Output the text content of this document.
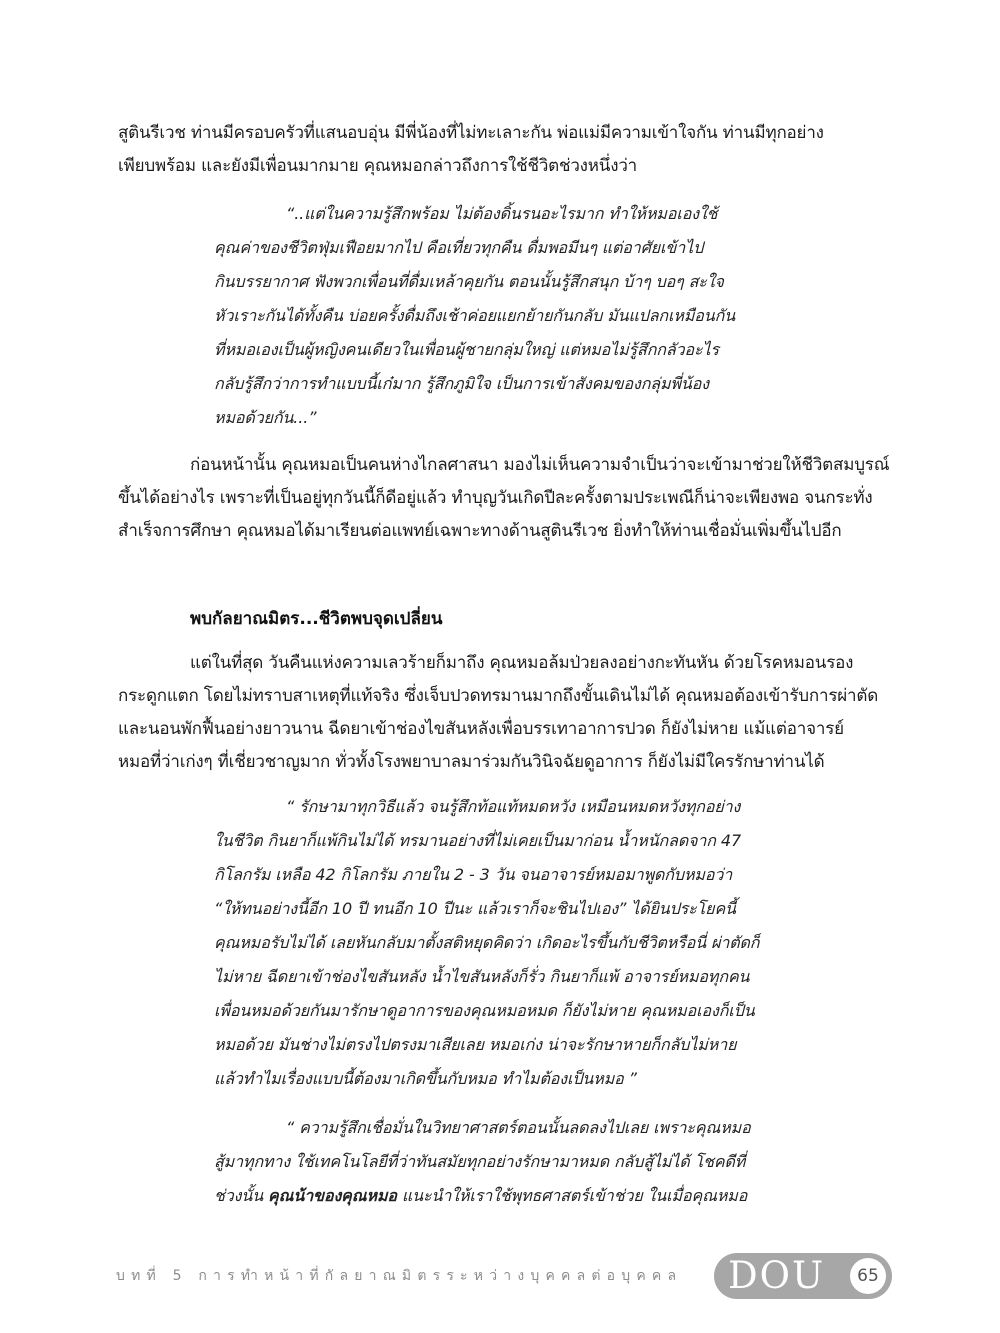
สูตินรีเวช ท่านมีครอบครัวที่แสนอบอุ่น มีพี่น้องที่ไม่ทะเลาะกัน พ่อแม่มีความเข้าใจกัน ท่านมีทุกอย่าง
เพียบพร้อม และยังมีเพื่อนมากมาย คุณหมอกล่าวถึงการใช้ชีวิตช่วงหนึ่งว่า

“..แต่ในความรู้สึกพร้อม ไม่ต้องดิ้นรนอะไรมาก ทำให้หมอเองใช้
คุณค่าของชีวิตฟุ่มเฟือยมากไป คือเที่ยวทุกคืน ดื่มพอมีนๆ แต่อาศัยเข้าไป
กินบรรยากาศ ฟังพวกเพื่อนที่ดื่มเหล้าคุยกัน ตอนนั้นรู้สึกสนุก บ้าๆ บอๆ สะใจ
หัวเราะกันได้ทั้งคืน บ่อยครั้งดื่มถึงเช้าค่อยแยกย้ายกันกลับ มันแปลกเหมือนกัน
ที่หมอเองเป็นผู้หญิงคนเดียวในเพื่อนผู้ชายกลุ่มใหญ่ แต่หมอไม่รู้สึกกลัวอะไร
กลับรู้สึกว่าการทำแบบนี้เก๋มาก รู้สึกภูมิใจ เป็นการเข้าสังคมของกลุ่มพี่น้อง
หมอด้วยกัน...”

ก่อนหน้านั้น คุณหมอเป็นคนห่างไกลศาสนา มองไม่เห็นความจำเป็นว่าจะเข้ามาช่วยให้ชีวิตสมบูรณ์
ขึ้นได้อย่างไร เพราะที่เป็นอยู่ทุกวันนี้ก็ดีอยู่แล้ว ทำบุญวันเกิดปีละครั้งตามประเพณีก็น่าจะเพียงพอ จนกระทั่ง
สำเร็จการศึกษา คุณหมอได้มาเรียนต่อแพทย์เฉพาะทางด้านสูตินรีเวช ยิ่งทำให้ท่านเชื่อมั่นเพิ่มขึ้นไปอีก

พบกัลยาณมิตร...ชีวิตพบจุดเปลี่ยน

แต่ในที่สุด วันคืนแห่งความเลวร้ายก็มาถึง คุณหมอล้มป่วยลงอย่างกะทันหัน ด้วยโรคหมอนรอง
กระดูกแตก โดยไม่ทราบสาเหตุที่แท้จริง ซึ่งเจ็บปวดทรมานมากถึงขั้นเดินไม่ได้ คุณหมอต้องเข้ารับการผ่าตัด
และนอนพักฟื้นอย่างยาวนาน ฉีดยาเข้าช่องไขสันหลังเพื่อบรรเทาอาการปวด ก็ยังไม่หาย แม้แต่อาจารย์
หมอที่ว่าเก่งๆ ที่เชี่ยวชาญมาก ทั่วทั้งโรงพยาบาลมาร่วมกันวินิจฉัยดูอาการ ก็ยังไม่มีใครรักษาท่านได้

“ รักษามาทุกวิธีแล้ว จนรู้สึกท้อแท้หมดหวัง เหมือนหมดหวังทุกอย่าง
ในชีวิต กินยาก็แพ้กินไม่ได้ ทรมานอย่างที่ไม่เคยเป็นมาก่อน น้ำหนักลดจาก 47
กิโลกรัม เหลือ 42 กิโลกรัม ภายใน 2 - 3 วัน จนอาจารย์หมอมาพูดกับหมอว่า
“ให้ทนอย่างนี้อีก 10 ปี ทนอีก 10 ปีนะ แล้วเราก็จะชินไปเอง” ได้ยินประโยคนี้
คุณหมอรับไม่ได้ เลยหันกลับมาตั้งสติหยุดคิดว่า เกิดอะไรขึ้นกับชีวิตหรือนี่ ผ่าตัดก็
ไม่หาย ฉีดยาเข้าช่องไขสันหลัง น้ำไขสันหลังก็รั่ว กินยาก็แพ้ อาจารย์หมอทุกคน
เพื่อนหมอด้วยกันมารักษาดูอาการของคุณหมอหมด ก็ยังไม่หาย คุณหมอเองก็เป็น
หมอด้วย มันช่างไม่ตรงไปตรงมาเสียเลย หมอเก่ง น่าจะรักษาหายก็กลับไม่หาย
แล้วทำไมเรื่องแบบนี้ต้องมาเกิดขึ้นกับหมอ ทำไมต้องเป็นหมอ ”

“ ความรู้สึกเชื่อมั่นในวิทยาศาสตร์ตอนนั้นลดลงไปเลย เพราะคุณหมอ
สู้มาทุกทาง ใช้เทคโนโลยีที่ว่าทันสมัยทุกอย่างรักษามาหมด กลับสู้ไม่ได้ โชคดีที่
ช่วงนั้น คุณน้าของคุณหมอ แนะนำให้เราใช้พุทธศาสตร์เข้าช่วย ในเมื่อคุณหมอ

บทที่ 5 การทำหน้าที่กัลยาณมิตรระหว่างบุคคลต่อบุคคล DOU	65
